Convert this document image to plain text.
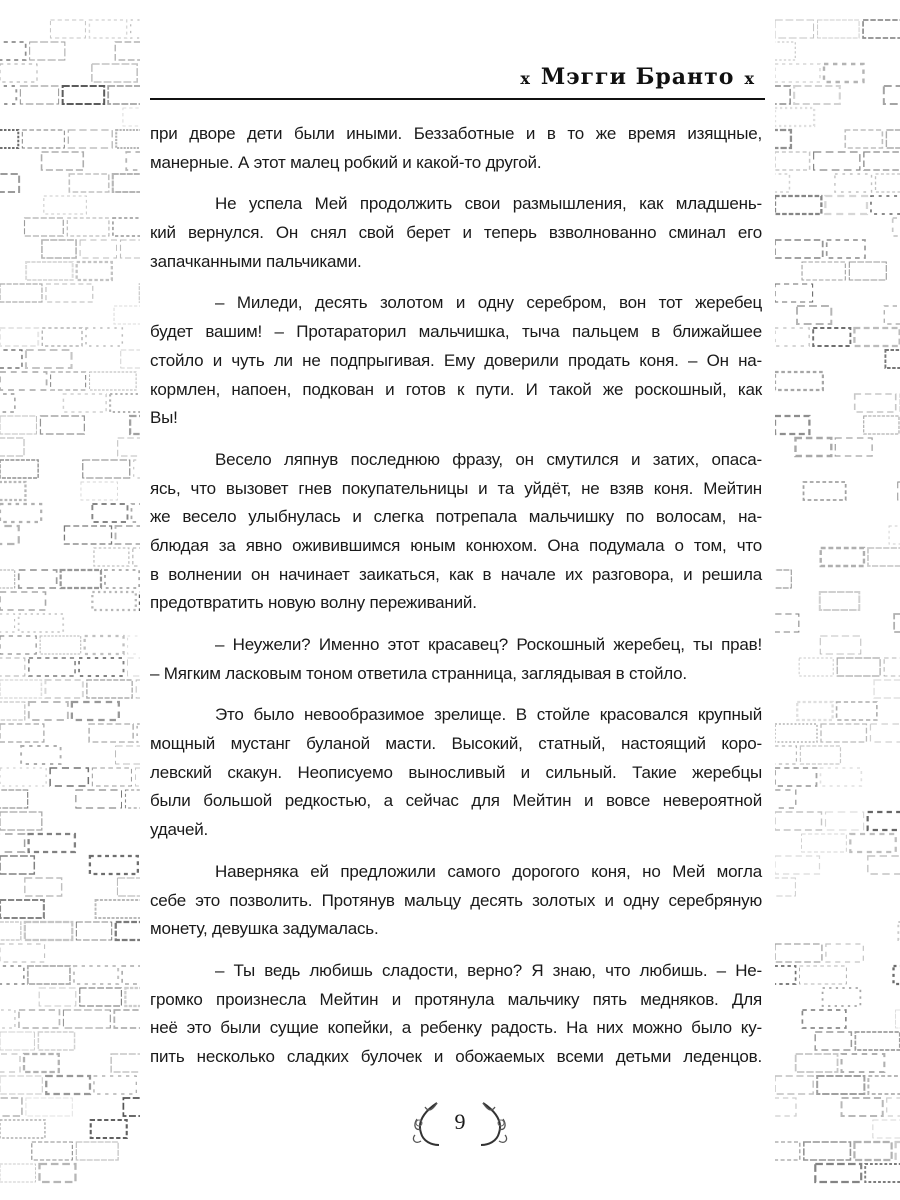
x Мэгги Бранто x
при дворе дети были иными. Беззаботные и в то же время изящные,
манерные. А этот малец робкий и какой-то другой.
Не успела Мей продолжить свои размышления, как младшень-
кий вернулся. Он снял свой берет и теперь взволнованно сминал его
запачканными пальчиками.
– Миледи, десять золотом и одну серебром, вон тот жеребец
будет вашим! – Протараторил мальчишка, тыча пальцем в ближайшее
стойло и чуть ли не подпрыгивая. Ему доверили продать коня. – Он на-
кормлен, напоен, подкован и готов к пути. И такой же роскошный, как
Вы!
Весело ляпнув последнюю фразу, он смутился и затих, опаса-
ясь, что вызовет гнев покупательницы и та уйдёт, не взяв коня. Мейтин
же весело улыбнулась и слегка потрепала мальчишку по волосам, на-
блюдая за явно оживившимся юным конюхом. Она подумала о том, что
в волнении он начинает заикаться, как в начале их разговора, и решила
предотвратить новую волну переживаний.
– Неужели? Именно этот красавец? Роскошный жеребец, ты прав!
– Мягким ласковым тоном ответила странница, заглядывая в стойло.
Это было невообразимое зрелище. В стойле красовался крупный
мощный мустанг буланой масти. Высокий, статный, настоящий коро-
левский скакун. Неописуемо выносливый и сильный. Такие жеребцы
были большой редкостью, а сейчас для Мейтин и вовсе невероятной
удачей.
Наверняка ей предложили самого дорогого коня, но Мей могла
себе это позволить. Протянув мальцу десять золотых и одну серебряную
монету, девушка задумалась.
– Ты ведь любишь сладости, верно? Я знаю, что любишь. – Не-
громко произнесла Мейтин и протянула мальчику пять медняков. Для
неё это были сущие копейки, а ребенку радость. На них можно было ку-
пить несколько сладких булочек и обожаемых всеми детьми леденцов.
9
